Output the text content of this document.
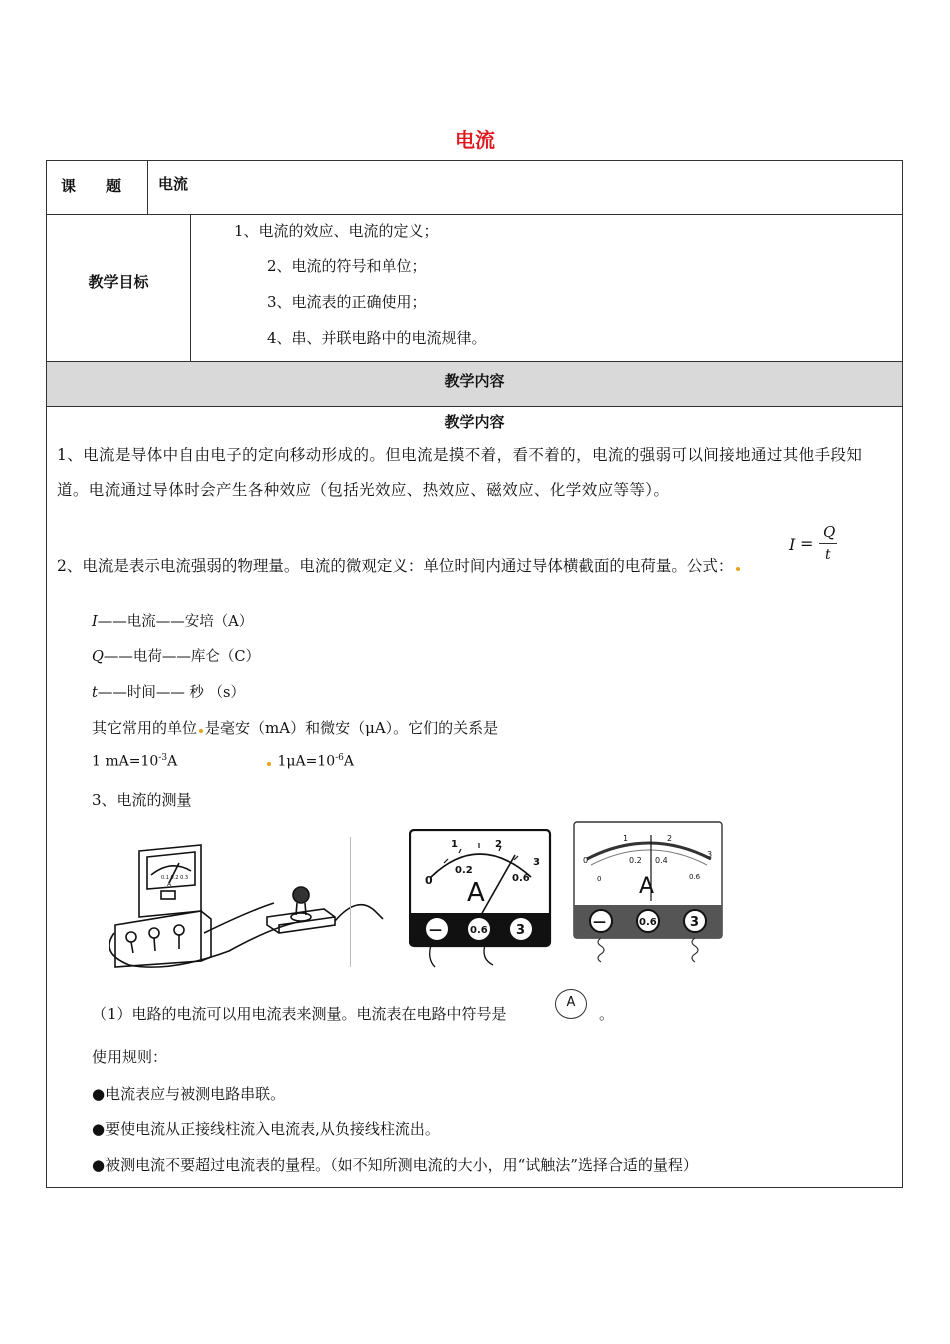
电流
课　　题 电流
教学目标
1、电流的效应、电流的定义；
2、电流的符号和单位；
3、电流表的正确使用；
4、串、并联电路中的电流规律。
教学内容
教学内容
1、电流是导体中自由电子的定向移动形成的。但电流是摸不着，看不着的，电流的强弱可以间接地通过其他手段知道。电流通过导体时会产生各种效应（包括光效应、热效应、磁效应、化学效应等等）。
2、电流是表示电流强弱的物理量。电流的微观定义：单位时间内通过导体横截面的电荷量。公式：
I =
Q
t
I——电流——安培（A）
Q——电荷——库仑（C）
t——时间—— 秒 （s）
其它常用的单位 是毫安（mA）和微安（μA）。它们的关系是
1 $mA=10^{-3}A$	$1\mu A=10^{-6}A$
3、电流的测量
0.1 0.2 0.3
A	0
0.2
0.6
1	2
3
A
—	0.6 3
1	2
3
0	0.2 0.4
0	0.6
A
—	0.6	3
（1）电路的电流可以用电流表来测量。电流表在电路中符号是
A
。
使用规则：
●电流表应与被测电路串联。
●要使电流从正接线柱流入电流表,从负接线柱流出。
●被测电流不要超过电流表的量程。（如不知所测电流的大小，用“试触法”选择合适的量程）
